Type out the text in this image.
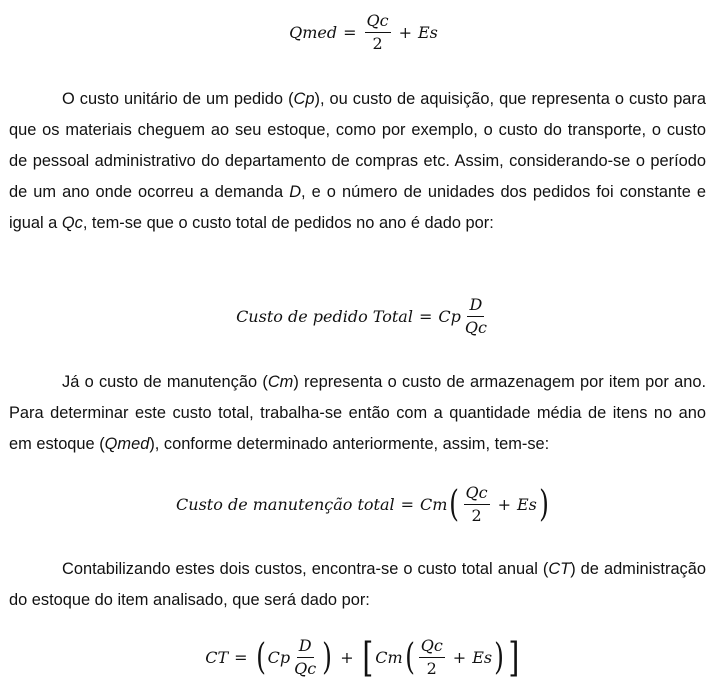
Qmed = $\frac{Qc}{2} + Es$

O custo unitário de um pedido (Cp), ou custo de aquisição, que representa o custo para que os materiais cheguem ao seu estoque, como por exemplo, o custo do transporte, o custo de pessoal administrativo do departamento de compras etc. Assim, considerando-se o período de um ano onde ocorreu a demanda D, e o número de unidades dos pedidos foi constante e igual a Qc, tem-se que o custo total de pedidos no ano é dado por:

Custo de pedido Total = Cp $\frac{D}{Qc}$

Já o custo de manutenção (Cm) representa o custo de armazenagem por item por ano. Para determinar este custo total, trabalha-se então com a quantidade média de itens no ano em estoque (Qmed), conforme determinado anteriormente, assim, tem-se:

Custo de manutenção total = Cm ( $\frac{Qc}{2} + Es$ )

Contabilizando estes dois custos, encontra-se o custo total anual (CT) de administração do estoque do item analisado, que será dado por:

CT = ( Cp $\frac{D}{Qc}$ ) + [ Cm ( $\frac{Qc}{2} + Es$ ) ]
